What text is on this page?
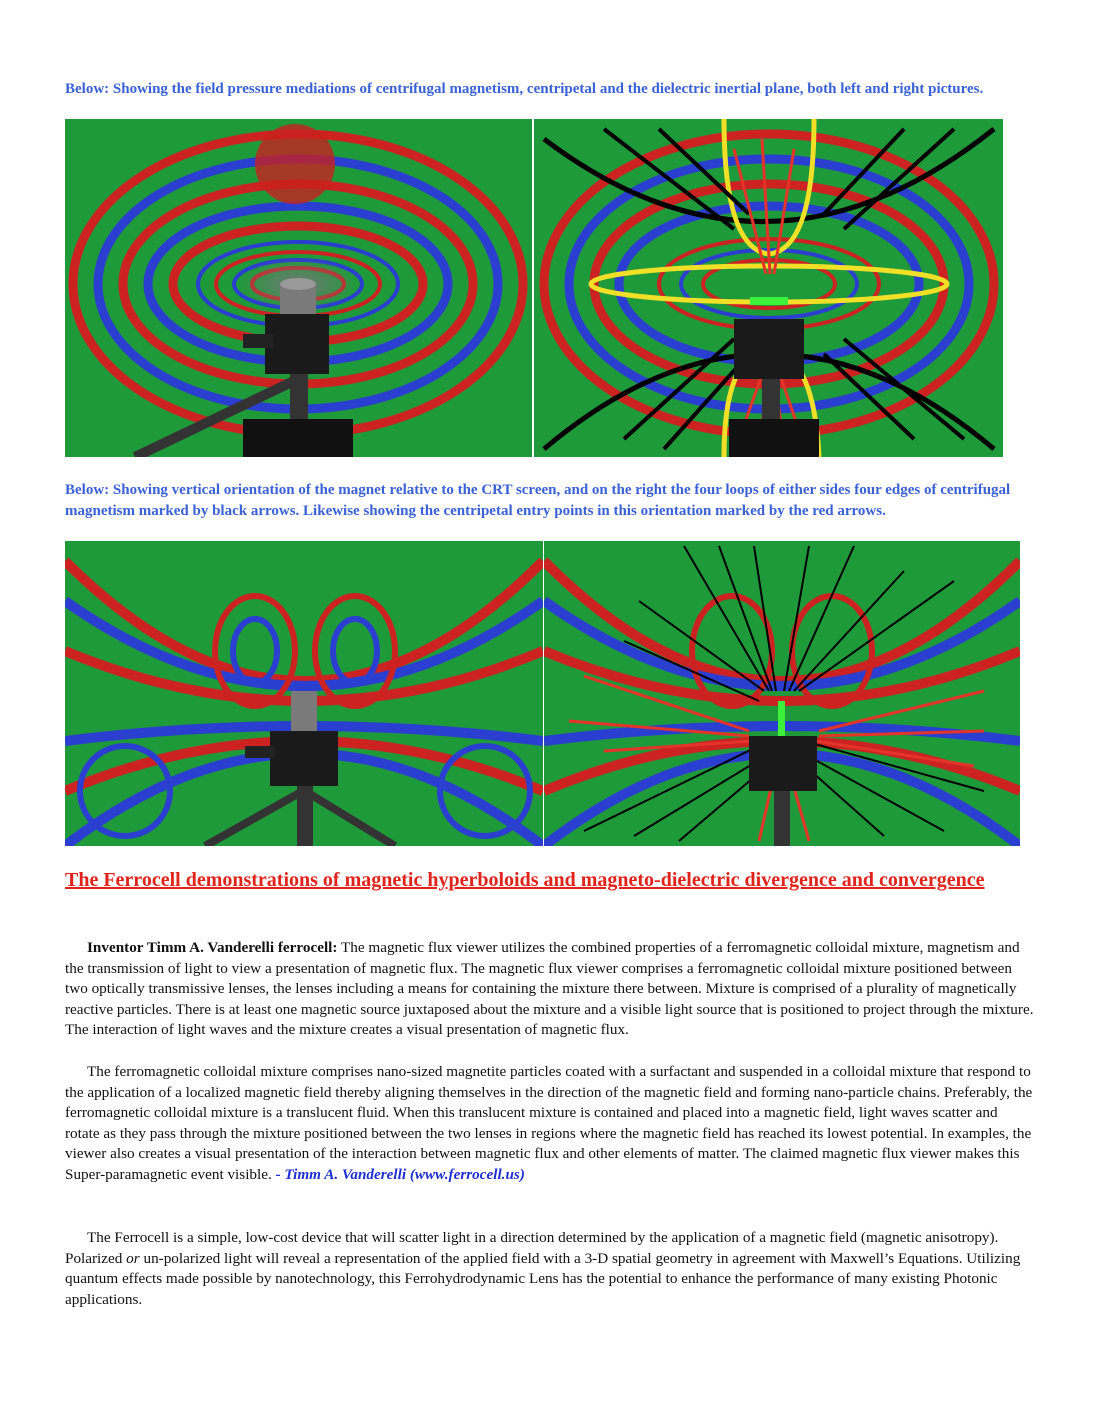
Below: Showing the field pressure mediations of centrifugal magnetism, centripetal and the dielectric inertial plane, both left and right pictures.

Below: Showing vertical orientation of the magnet relative to the CRT screen, and on the right the four loops of either sides four edges of centrifugal magnetism marked by black arrows. Likewise showing the centripetal entry points in this orientation marked by the red arrows.

The Ferrocell demonstrations of magnetic hyperboloids and magneto-dielectric divergence and convergence

Inventor Timm A. Vanderelli ferrocell: The magnetic flux viewer utilizes the combined properties of a ferromagnetic colloidal mixture, magnetism and the transmission of light to view a presentation of magnetic flux. The magnetic flux viewer comprises a ferromagnetic colloidal mixture positioned between two optically transmissive lenses, the lenses including a means for containing the mixture there between. Mixture is comprised of a plurality of magnetically reactive particles. There is at least one magnetic source juxtaposed about the mixture and a visible light source that is positioned to project through the mixture. The interaction of light waves and the mixture creates a visual presentation of magnetic flux.

The ferromagnetic colloidal mixture comprises nano-sized magnetite particles coated with a surfactant and suspended in a colloidal mixture that respond to the application of a localized magnetic field thereby aligning themselves in the direction of the magnetic field and forming nano-particle chains. Preferably, the ferromagnetic colloidal mixture is a translucent fluid. When this translucent mixture is contained and placed into a magnetic field, light waves scatter and rotate as they pass through the mixture positioned between the two lenses in regions where the magnetic field has reached its lowest potential. In examples, the viewer also creates a visual presentation of the interaction between magnetic flux and other elements of matter. The claimed magnetic flux viewer makes this Super-paramagnetic event visible. - Timm A. Vanderelli (www.ferrocell.us)

The Ferrocell is a simple, low-cost device that will scatter light in a direction determined by the application of a magnetic field (magnetic anisotropy). Polarized or un-polarized light will reveal a representation of the applied field with a 3-D spatial geometry in agreement with Maxwell’s Equations. Utilizing quantum effects made possible by nanotechnology, this Ferrohydrodynamic Lens has the potential to enhance the performance of many existing Photonic applications.
